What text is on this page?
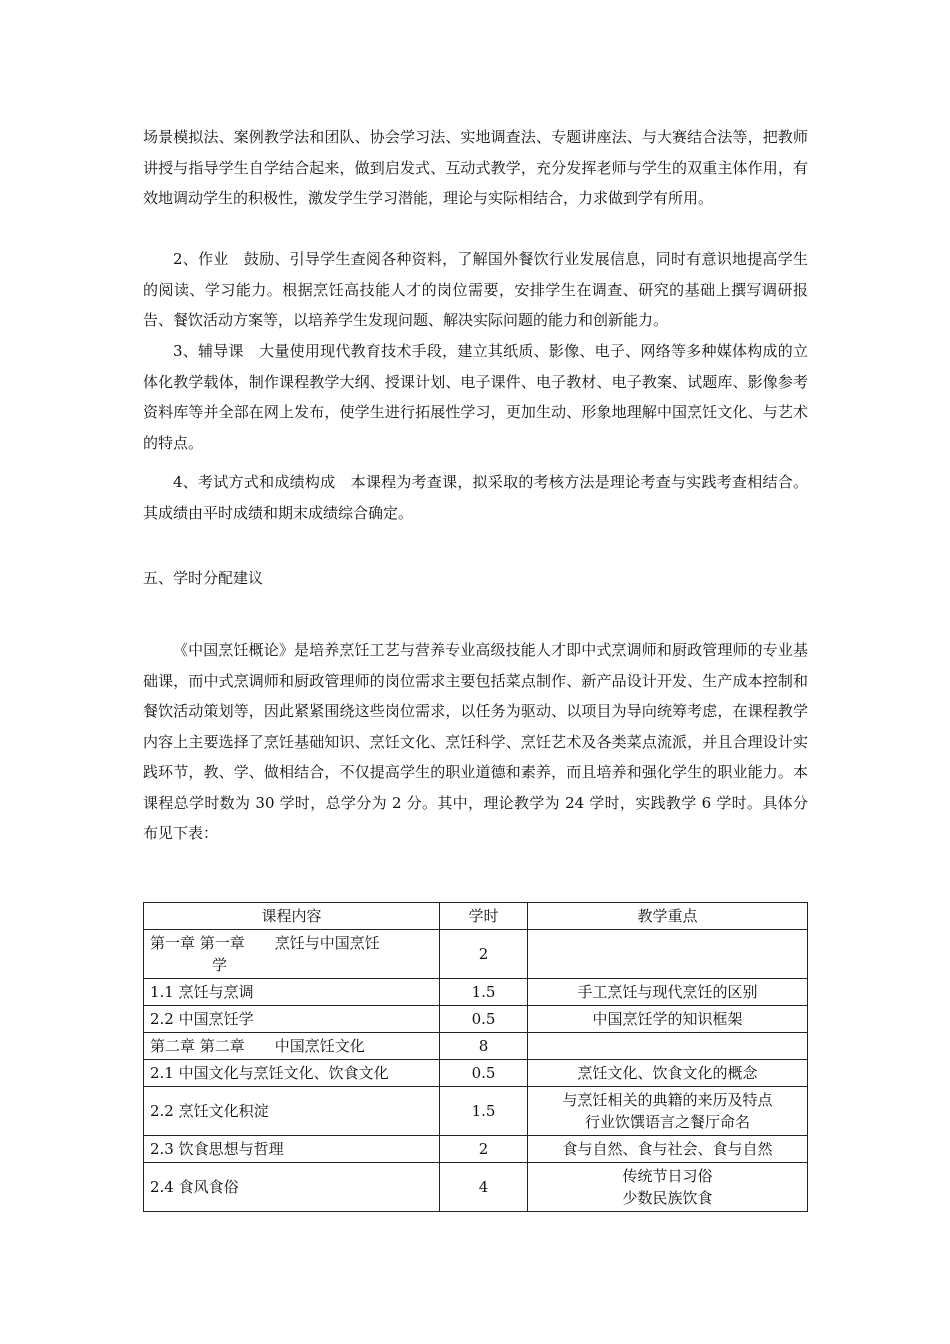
场景模拟法、案例教学法和团队、协会学习法、实地调查法、专题讲座法、与大赛结合法等，把教师讲授与指导学生自学结合起来，做到启发式、互动式教学，充分发挥老师与学生的双重主体作用，有效地调动学生的积极性，激发学生学习潜能，理论与实际相结合，力求做到学有所用。

2、作业　鼓励、引导学生查阅各种资料，了解国外餐饮行业发展信息，同时有意识地提高学生的阅读、学习能力。根据烹饪高技能人才的岗位需要，安排学生在调查、研究的基础上撰写调研报告、餐饮活动方案等，以培养学生发现问题、解决实际问题的能力和创新能力。

3、辅导课　大量使用现代教育技术手段，建立其纸质、影像、电子、网络等多种媒体构成的立体化教学载体，制作课程教学大纲、授课计划、电子课件、电子教材、电子教案、试题库、影像参考资料库等并全部在网上发布，使学生进行拓展性学习，更加生动、形象地理解中国烹饪文化、与艺术的特点。

4、考试方式和成绩构成　本课程为考查课，拟采取的考核方法是理论考查与实践考查相结合。其成绩由平时成绩和期末成绩综合确定。

五、学时分配建议

《中国烹饪概论》是培养烹饪工艺与营养专业高级技能人才即中式烹调师和厨政管理师的专业基础课，而中式烹调师和厨政管理师的岗位需求主要包括菜点制作、新产品设计开发、生产成本控制和餐饮活动策划等，因此紧紧围绕这些岗位需求，以任务为驱动、以项目为导向统筹考虑，在课程教学内容上主要选择了烹饪基础知识、烹饪文化、烹饪科学、烹饪艺术及各类菜点流派，并且合理设计实践环节，教、学、做相结合，不仅提高学生的职业道德和素养，而且培养和强化学生的职业能力。本课程总学时数为 30 学时，总学分为 2 分。其中，理论教学为 24 学时，实践教学 6 学时。具体分布见下表：

课程内容	学时	教学重点

第一章 第一章　　烹饪与中国烹饪
学	2	
1.1 烹饪与烹调	1.5	手工烹饪与现代烹饪的区别
2.2 中国烹饪学	0.5	中国烹饪学的知识框架
第二章 第二章　　中国烹饪文化	8	
2.1 中国文化与烹饪文化、饮食文化	0.5	烹饪文化、饮食文化的概念
2.2 烹饪文化积淀	1.5	与烹饪相关的典籍的来历及特点
行业饮馔语言之餐厅命名

2.3 饮食思想与哲理	2	食与自然、食与社会、食与自然
2.4 食风食俗	4	传统节日习俗
少数民族饮食
